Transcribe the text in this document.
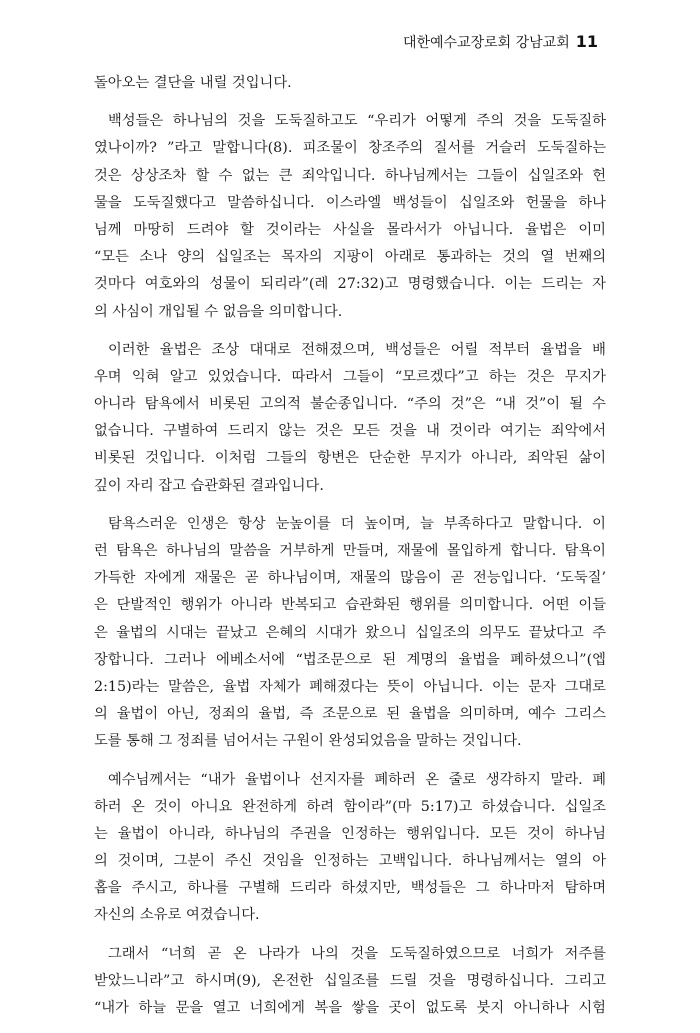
대한예수교장로회 강남교회 11
돌아오는 결단을 내릴 것입니다.
백성들은 하나님의 것을 도둑질하고도 “우리가 어떻게 주의 것을 도둑질하
였나이까? ”라고 말합니다(8). 피조물이 창조주의 질서를 거슬러 도둑질하는
것은 상상조차 할 수 없는 큰 죄악입니다. 하나님께서는 그들이 십일조와 헌
물을 도둑질했다고 말씀하십니다. 이스라엘 백성들이 십일조와 헌물을 하나
님께 마땅히 드려야 할 것이라는 사실을 몰라서가 아닙니다. 율법은 이미
“모든 소나 양의 십일조는 목자의 지팡이 아래로 통과하는 것의 열 번째의
것마다 여호와의 성물이 되리라”(레 27:32)고 명령했습니다. 이는 드리는 자
의 사심이 개입될 수 없음을 의미합니다.
이러한 율법은 조상 대대로 전해졌으며, 백성들은 어릴 적부터 율법을 배
우며 익혀 알고 있었습니다. 따라서 그들이 “모르겠다”고 하는 것은 무지가
아니라 탐욕에서 비롯된 고의적 불순종입니다. “주의 것”은 “내 것”이 될 수
없습니다. 구별하여 드리지 않는 것은 모든 것을 내 것이라 여기는 죄악에서
비롯된 것입니다. 이처럼 그들의 항변은 단순한 무지가 아니라, 죄악된 삶이
깊이 자리 잡고 습관화된 결과입니다.
탐욕스러운 인생은 항상 눈높이를 더 높이며, 늘 부족하다고 말합니다. 이
런 탐욕은 하나님의 말씀을 거부하게 만들며, 재물에 몰입하게 합니다. 탐욕이
가득한 자에게 재물은 곧 하나님이며, 재물의 많음이 곧 전능입니다. ‘도둑질’
은 단발적인 행위가 아니라 반복되고 습관화된 행위를 의미합니다. 어떤 이들
은 율법의 시대는 끝났고 은혜의 시대가 왔으니 십일조의 의무도 끝났다고 주
장합니다. 그러나 에베소서에 “법조문으로 된 계명의 율법을 폐하셨으니”(엡
2:15)라는 말씀은, 율법 자체가 폐해졌다는 뜻이 아닙니다. 이는 문자 그대로
의 율법이 아닌, 정죄의 율법, 즉 조문으로 된 율법을 의미하며, 예수 그리스
도를 통해 그 정죄를 넘어서는 구원이 완성되었음을 말하는 것입니다.
예수님께서는 “내가 율법이나 선지자를 폐하러 온 줄로 생각하지 말라. 폐
하러 온 것이 아니요 완전하게 하려 함이라”(마 5:17)고 하셨습니다. 십일조
는 율법이 아니라, 하나님의 주권을 인정하는 행위입니다. 모든 것이 하나님
의 것이며, 그분이 주신 것임을 인정하는 고백입니다. 하나님께서는 열의 아
홉을 주시고, 하나를 구별해 드리라 하셨지만, 백성들은 그 하나마저 탐하며
자신의 소유로 여겼습니다.
그래서 “너희 곧 온 나라가 나의 것을 도둑질하였으므로 너희가 저주를
받았느니라”고 하시며(9), 온전한 십일조를 드릴 것을 명령하십니다. 그리고
“내가 하늘 문을 열고 너희에게 복을 쌓을 곳이 없도록 붓지 아니하나 시험
